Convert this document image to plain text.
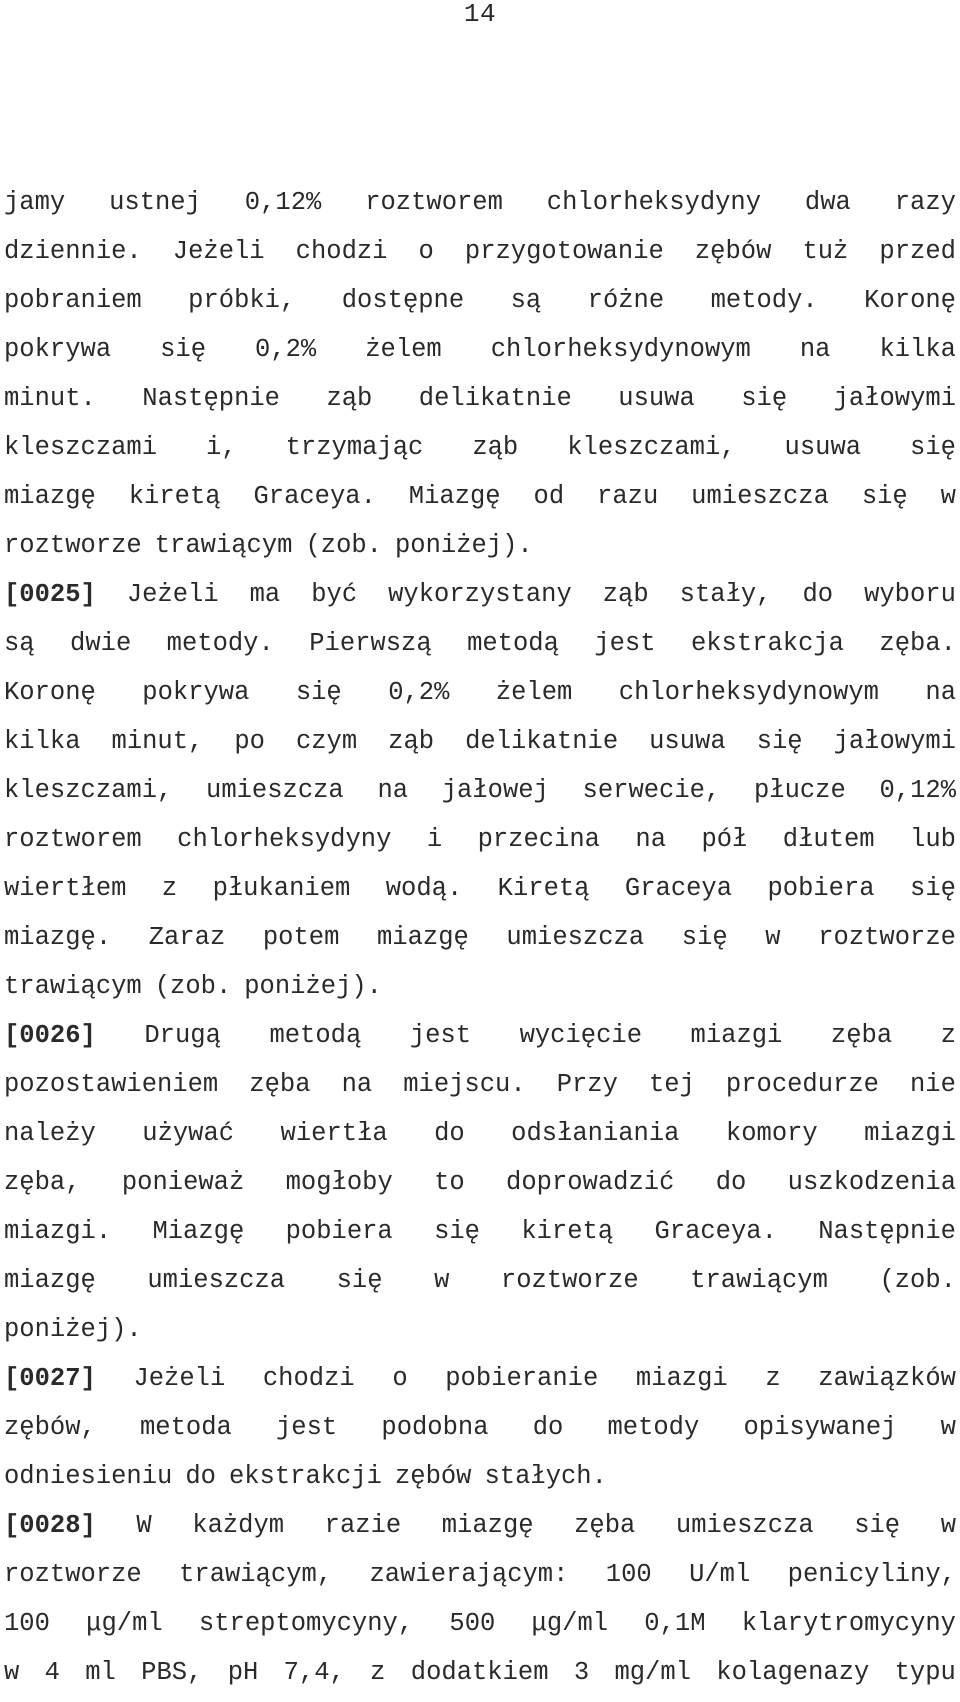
14
jamy ustnej 0,12% roztworem chlorheksydyny dwa razy
dziennie. Jeżeli chodzi o przygotowanie zębów tuż przed
pobraniem próbki, dostępne są różne metody. Koronę
pokrywa się 0,2% żelem chlorheksydynowym na kilka
minut. Następnie ząb delikatnie usuwa się jałowymi
kleszczami i, trzymając ząb kleszczami, usuwa się
miazgę kiretą Graceya. Miazgę od razu umieszcza się w
roztworze trawiącym (zob. poniżej).
[0025] Jeżeli ma być wykorzystany ząb stały, do wyboru
są dwie metody. Pierwszą metodą jest ekstrakcja zęba.
Koronę pokrywa się 0,2% żelem chlorheksydynowym na
kilka minut, po czym ząb delikatnie usuwa się jałowymi
kleszczami, umieszcza na jałowej serwecie, płucze 0,12%
roztworem chlorheksydyny i przecina na pół dłutem lub
wiertłem z płukaniem wodą. Kiretą Graceya pobiera się
miazgę. Zaraz potem miazgę umieszcza się w roztworze
trawiącym (zob. poniżej).
[0026] Drugą metodą jest wycięcie miazgi zęba z
pozostawieniem zęba na miejscu. Przy tej procedurze nie
należy używać wiertła do odsłaniania komory miazgi
zęba, ponieważ mogłoby to doprowadzić do uszkodzenia
miazgi. Miazgę pobiera się kiretą Graceya. Następnie
miazgę umieszcza się w roztworze trawiącym (zob.
poniżej).
[0027] Jeżeli chodzi o pobieranie miazgi z zawiązków
zębów, metoda jest podobna do metody opisywanej w
odniesieniu do ekstrakcji zębów stałych.
[0028] W każdym razie miazgę zęba umieszcza się w
roztworze trawiącym, zawierającym: 100 U/ml penicyliny,
100 μg/ml streptomycyny, 500 μg/ml 0,1M klarytromycyny
w 4 ml PBS, pH 7,4, z dodatkiem 3 mg/ml kolagenazy typu
